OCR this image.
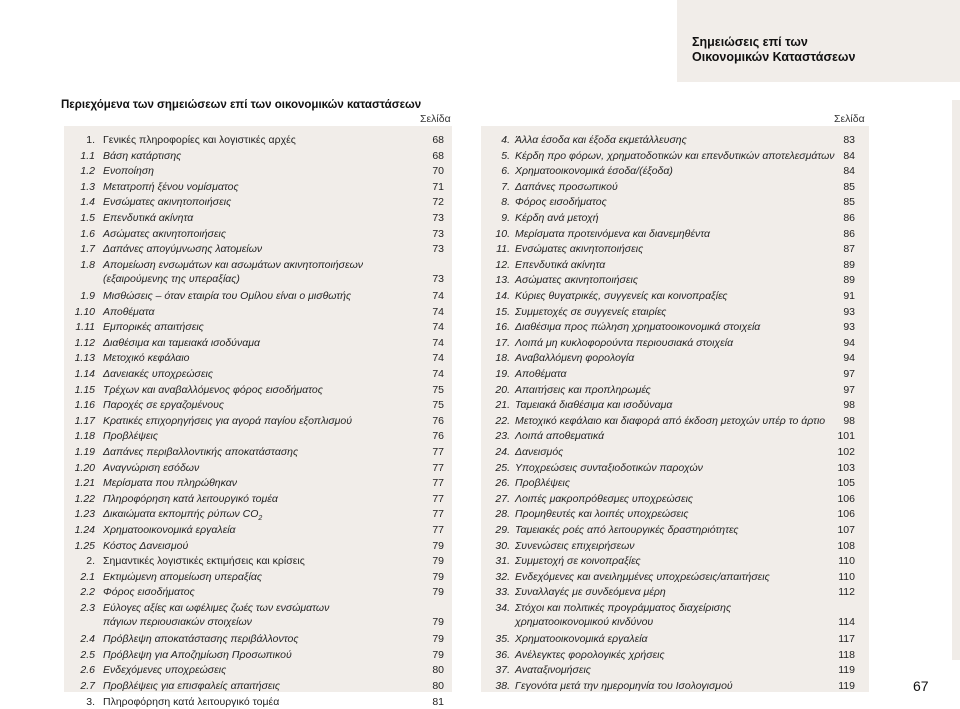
Σημειώσεις επί των
Οικονομικών Καταστάσεων
Περιεχόμενα των σημειώσεων επί των οικονομικών καταστάσεων
Σελίδα	Σελίδα
1. Γενικές πληροφορίες και λογιστικές αρχές	68
1.1 Βάση κατάρτισης	68
1.2 Ενοποίηση	70
1.3 Μετατροπή ξένου νομίσματος	71
1.4 Ενσώματες ακινητοποιήσεις	72
1.5 Επενδυτικά ακίνητα	73
1.6 Ασώματες ακινητοποιήσεις	73
1.7 Δαπάνες απογύμνωσης λατομείων	73
1.8 Απομείωση ενσωμάτων και ασωμάτων ακινητοποιήσεων
(εξαιρούμενης της υπεραξίας)	73
1.9 Μισθώσεις – όταν εταιρία του Ομίλου είναι ο μισθωτής	74
1.10 Αποθέματα	74
1.11 Εμπορικές απαιτήσεις	74
1.12 Διαθέσιμα και ταμειακά ισοδύναμα	74
1.13 Μετοχικό κεφάλαιο	74
1.14 Δανειακές υποχρεώσεις	74
1.15 Τρέχων και αναβαλλόμενος φόρος εισοδήματος	75
1.16 Παροχές σε εργαζομένους	75
1.17 Κρατικές επιχορηγήσεις για αγορά παγίου εξοπλισμού	76
1.18 Προβλέψεις	76
1.19 Δαπάνες περιβαλλοντικής αποκατάστασης	77
1.20 Αναγνώριση εσόδων	77
1.21 Μερίσματα που πληρώθηκαν	77
1.22 Πληροφόρηση κατά λειτουργικό τομέα	77
1.23 Δικαιώματα εκπομπής ρύπων $CO_2$	77
1.24 Χρηματοοικονομικά εργαλεία	77
1.25 Κόστος Δανεισμού	79
2. Σημαντικές λογιστικές εκτιμήσεις και κρίσεις	79
2.1 Εκτιμώμενη απομείωση υπεραξίας	79
2.2 Φόρος εισοδήματος	79
2.3 Εύλογες αξίες και ωφέλιμες ζωές των ενσώματων
πάγιων περιουσιακών στοιχείων	79
2.4 Πρόβλεψη αποκατάστασης περιβάλλοντος	79
2.5 Πρόβλεψη για Αποζημίωση Προσωπικού	79
2.6 Ενδεχόμενες υποχρεώσεις	80
2.7 Προβλέψεις για επισφαλείς απαιτήσεις	80
3. Πληροφόρηση κατά λειτουργικό τομέα	81
4. Άλλα έσοδα και έξοδα εκμετάλλευσης	83
5. Κέρδη προ φόρων, χρηματοδοτικών και επενδυτικών αποτελεσμάτων 84
6. Χρηματοοικονομικά έσοδα/(έξοδα)	84
7. Δαπάνες προσωπικού	85
8. Φόρος εισοδήματος	85
9. Κέρδη ανά μετοχή	86
10. Μερίσματα προτεινόμενα και διανεμηθέντα	86
11. Ενσώματες ακινητοποιήσεις	87
12. Επενδυτικά ακίνητα	89
13. Ασώματες ακινητοποιήσεις	89
14. Κύριες θυγατρικές, συγγενείς και κοινοπραξίες	91
15. Συμμετοχές σε συγγενείς εταιρίες	93
16. Διαθέσιμα προς πώληση χρηματοοικονομικά στοιχεία	93
17. Λοιπά μη κυκλοφορούντα περιουσιακά στοιχεία	94
18. Αναβαλλόμενη φορολογία	94
19. Αποθέματα	97
20. Απαιτήσεις και προπληρωμές	97
21. Ταμειακά διαθέσιμα και ισοδύναμα	98
22. Μετοχικό κεφάλαιο και διαφορά από έκδοση μετοχών υπέρ το άρτιο	98
23. Λοιπά αποθεματικά	101
24. Δανεισμός	102
25. Υποχρεώσεις συνταξιοδοτικών παροχών	103
26. Προβλέψεις	105
27. Λοιπές μακροπρόθεσμες υποχρεώσεις	106
28. Προμηθευτές και λοιπές υποχρεώσεις	106
29. Ταμειακές ροές από λειτουργικές δραστηριότητες	107
30. Συνενώσεις επιχειρήσεων	108
31. Συμμετοχή σε κοινοπραξίες	110
32. Ενδεχόμενες και ανειλημμένες υποχρεώσεις/απαιτήσεις	110
33. Συναλλαγές με συνδεόμενα μέρη	112
34. Στόχοι και πολιτικές προγράμματος διαχείρισης
χρηματοοικονομικού κινδύνου	114
35. Χρηματοοικονομικά εργαλεία	117
36. Ανέλεγκτες φορολογικές χρήσεις	118
37. Αναταξινομήσεις	119
38. Γεγονότα μετά την ημερομηνία του Ισολογισμού	119	67
